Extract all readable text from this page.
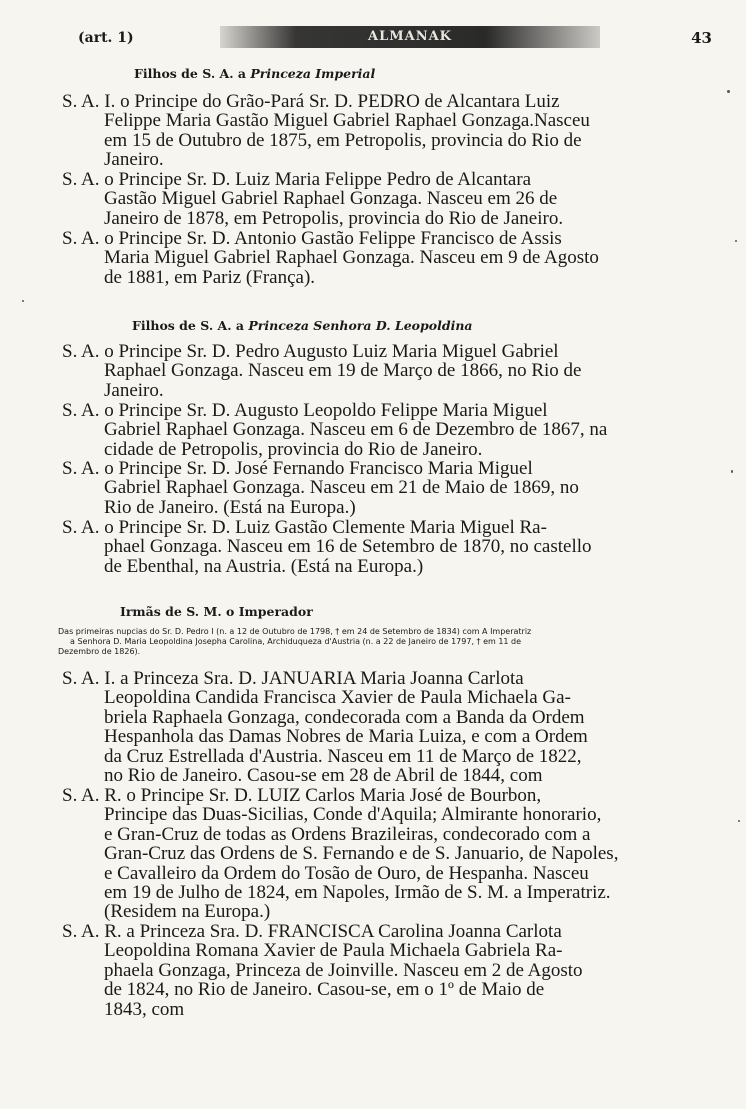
(art. 1)	ALMANAK	43
Filhos de S. A. a Princeza Imperial
S. A. I. o Principe do Grão-Pará Sr. D. PEDRO de Alcantara Luiz
Felippe Maria Gastão Miguel Gabriel Raphael Gonzaga.Nasceu
em 15 de Outubro de 1875, em Petropolis, provincia do Rio de
Janeiro.
S. A. o Principe Sr. D. Luiz Maria Felippe Pedro de Alcantara
Gastão Miguel Gabriel Raphael Gonzaga. Nasceu em 26 de
Janeiro de 1878, em Petropolis, provincia do Rio de Janeiro.
S. A. o Principe Sr. D. Antonio Gastão Felippe Francisco de Assis
Maria Miguel Gabriel Raphael Gonzaga. Nasceu em 9 de Agosto
de 1881, em Pariz (França).
Filhos de S. A. a Princeza Senhora D. Leopoldina
S. A. o Principe Sr. D. Pedro Augusto Luiz Maria Miguel Gabriel
Raphael Gonzaga. Nasceu em 19 de Março de 1866, no Rio de
Janeiro.
S. A. o Principe Sr. D. Augusto Leopoldo Felippe Maria Miguel
Gabriel Raphael Gonzaga. Nasceu em 6 de Dezembro de 1867, na
cidade de Petropolis, provincia do Rio de Janeiro.
S. A. o Principe Sr. D. José Fernando Francisco Maria Miguel
Gabriel Raphael Gonzaga. Nasceu em 21 de Maio de 1869, no
Rio de Janeiro. (Está na Europa.)
S. A. o Principe Sr. D. Luiz Gastão Clemente Maria Miguel Ra-
phael Gonzaga. Nasceu em 16 de Setembro de 1870, no castello
de Ebenthal, na Austria. (Está na Europa.)
Irmãs de S. M. o Imperador
Das primeiras nupcias do Sr. D. Pedro I (n. a 12 de Outubro de 1798, † em 24 de Setembro de 1834) com A Imperatriz
a Senhora D. Maria Leopoldina Josepha Carolina, Archiduqueza d'Austria (n. a 22 de Janeiro de 1797, † em 11 de
Dezembro de 1826).
S. A. I. a Princeza Sra. D. JANUARIA Maria Joanna Carlota
Leopoldina Candida Francisca Xavier de Paula Michaela Ga-
briela Raphaela Gonzaga, condecorada com a Banda da Ordem
Hespanhola das Damas Nobres de Maria Luiza, e com a Ordem
da Cruz Estrellada d'Austria. Nasceu em 11 de Março de 1822,
no Rio de Janeiro. Casou-se em 28 de Abril de 1844, com
S. A. R. o Principe Sr. D. LUIZ Carlos Maria José de Bourbon,
Principe das Duas-Sicilias, Conde d'Aquila; Almirante honorario,
e Gran-Cruz de todas as Ordens Brazileiras, condecorado com a
Gran-Cruz das Ordens de S. Fernando e de S. Januario, de Napoles,
e Cavalleiro da Ordem do Tosão de Ouro, de Hespanha. Nasceu
em 19 de Julho de 1824, em Napoles, Irmão de S. M. a Imperatriz.
(Residem na Europa.)
S. A. R. a Princeza Sra. D. FRANCISCA Carolina Joanna Carlota
Leopoldina Romana Xavier de Paula Michaela Gabriela Ra-
phaela Gonzaga, Princeza de Joinville. Nasceu em 2 de Agosto
de 1824, no Rio de Janeiro. Casou-se, em o 1º de Maio de
1843, com
